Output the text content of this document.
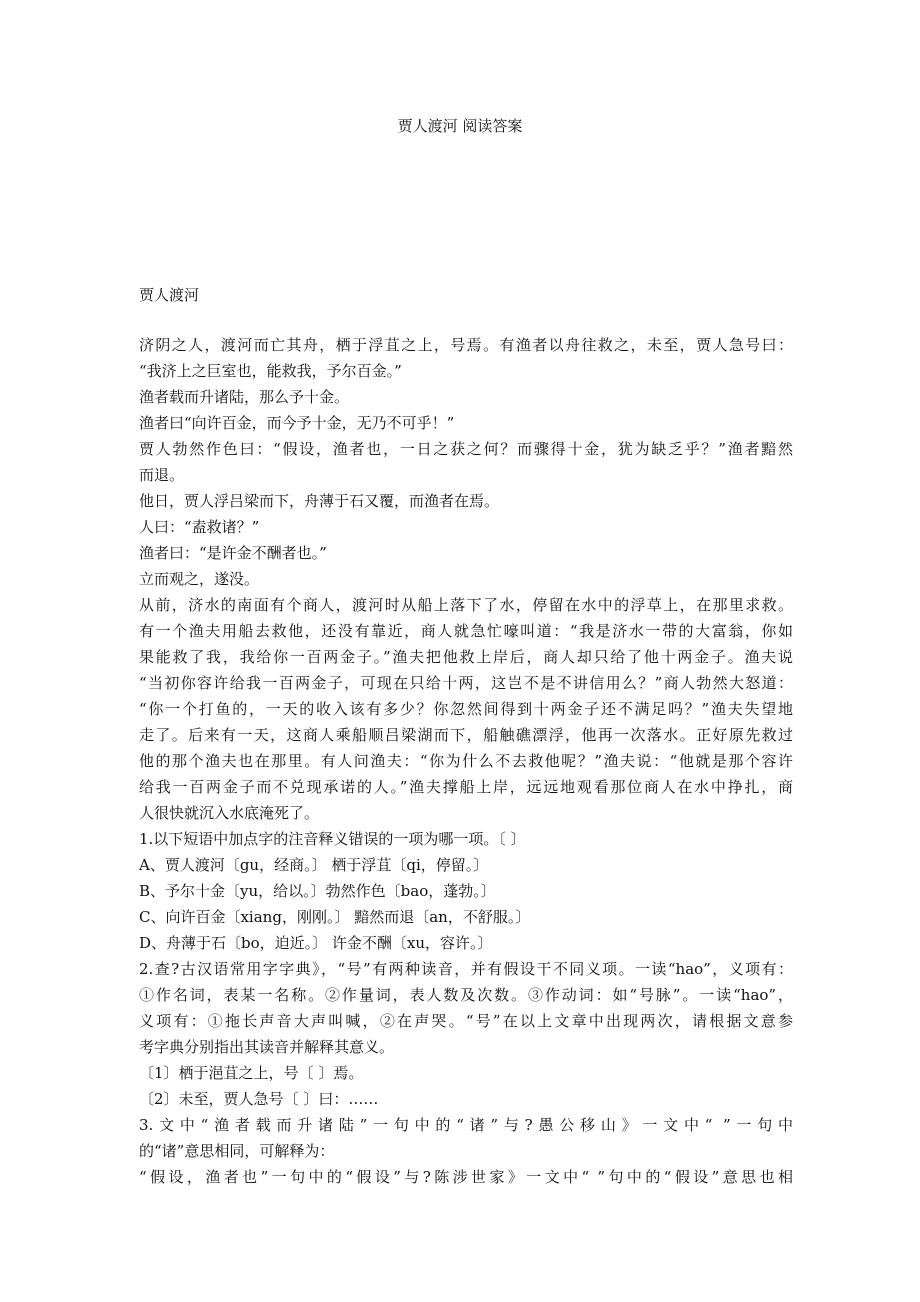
贾人渡河 阅读答案
贾人渡河
济阴之人，渡河而亡其舟，栖于浮苴之上，号焉。有渔者以舟往救之，未至，贾人急号曰：
“我济上之巨室也，能救我，予尔百金。”
渔者载而升诸陆，那么予十金。
渔者曰“向许百金，而今予十金，无乃不可乎！”
贾人勃然作色曰：“假设，渔者也，一日之获之何？而骤得十金，犹为缺乏乎？”渔者黯然
而退。
他日，贾人浮吕梁而下，舟薄于石又覆，而渔者在焉。
人曰：“盍救诸？”
渔者曰：“是许金不酬者也。”
立而观之，遂没。
从前，济水的南面有个商人，渡河时从船上落下了水，停留在水中的浮草上，在那里求救。
有一个渔夫用船去救他，还没有靠近，商人就急忙嚎叫道：“我是济水一带的大富翁，你如
果能救了我，我给你一百两金子。”渔夫把他救上岸后，商人却只给了他十两金子。渔夫说
“当初你容许给我一百两金子，可现在只给十两，这岂不是不讲信用么？”商人勃然大怒道：
“你一个打鱼的，一天的收入该有多少？你忽然间得到十两金子还不满足吗？”渔夫失望地
走了。后来有一天，这商人乘船顺吕梁湖而下，船触礁漂浮，他再一次落水。正好原先救过
他的那个渔夫也在那里。有人问渔夫：“你为什么不去救他呢？”渔夫说：“他就是那个容许
给我一百两金子而不兑现承诺的人。”渔夫撑船上岸，远远地观看那位商人在水中挣扎，商
人很快就沉入水底淹死了。
1.以下短语中加点字的注音释义错误的一项为哪一项。〔 〕
A、贾人渡河〔gu，经商。〕 栖于浮苴〔qi，停留。〕
B、予尔十金〔yu，给以。〕勃然作色〔bao，蓬勃。〕
C、向许百金〔xiang，刚刚。〕 黯然而退〔an，不舒服。〕
D、舟薄于石〔bo，迫近。〕 许金不酬〔xu，容许。〕
2.查?古汉语常用字字典》，“号”有两种读音，并有假设干不同义项。一读“hao”，义项有：
①作名词，表某一名称。②作量词，表人数及次数。③作动词：如“号脉”。一读“hao”，
义项有：①拖长声音大声叫喊，②在声哭。“号”在以上文章中出现两次，请根据文意参
考字典分别指出其读音并解释其意义。
〔1〕栖于浥苴之上，号〔 〕焉。
〔2〕未至，贾人急号〔 〕曰：……
3.文中“渔者载而升诸陆”一句中的“诸”与?愚公移山》一文中“ ”一句中
的“诸”意思相同，可解释为：
“假设，渔者也”一句中的“假设”与?陈涉世家》一文中“ ”句中的“假设”意思也相
